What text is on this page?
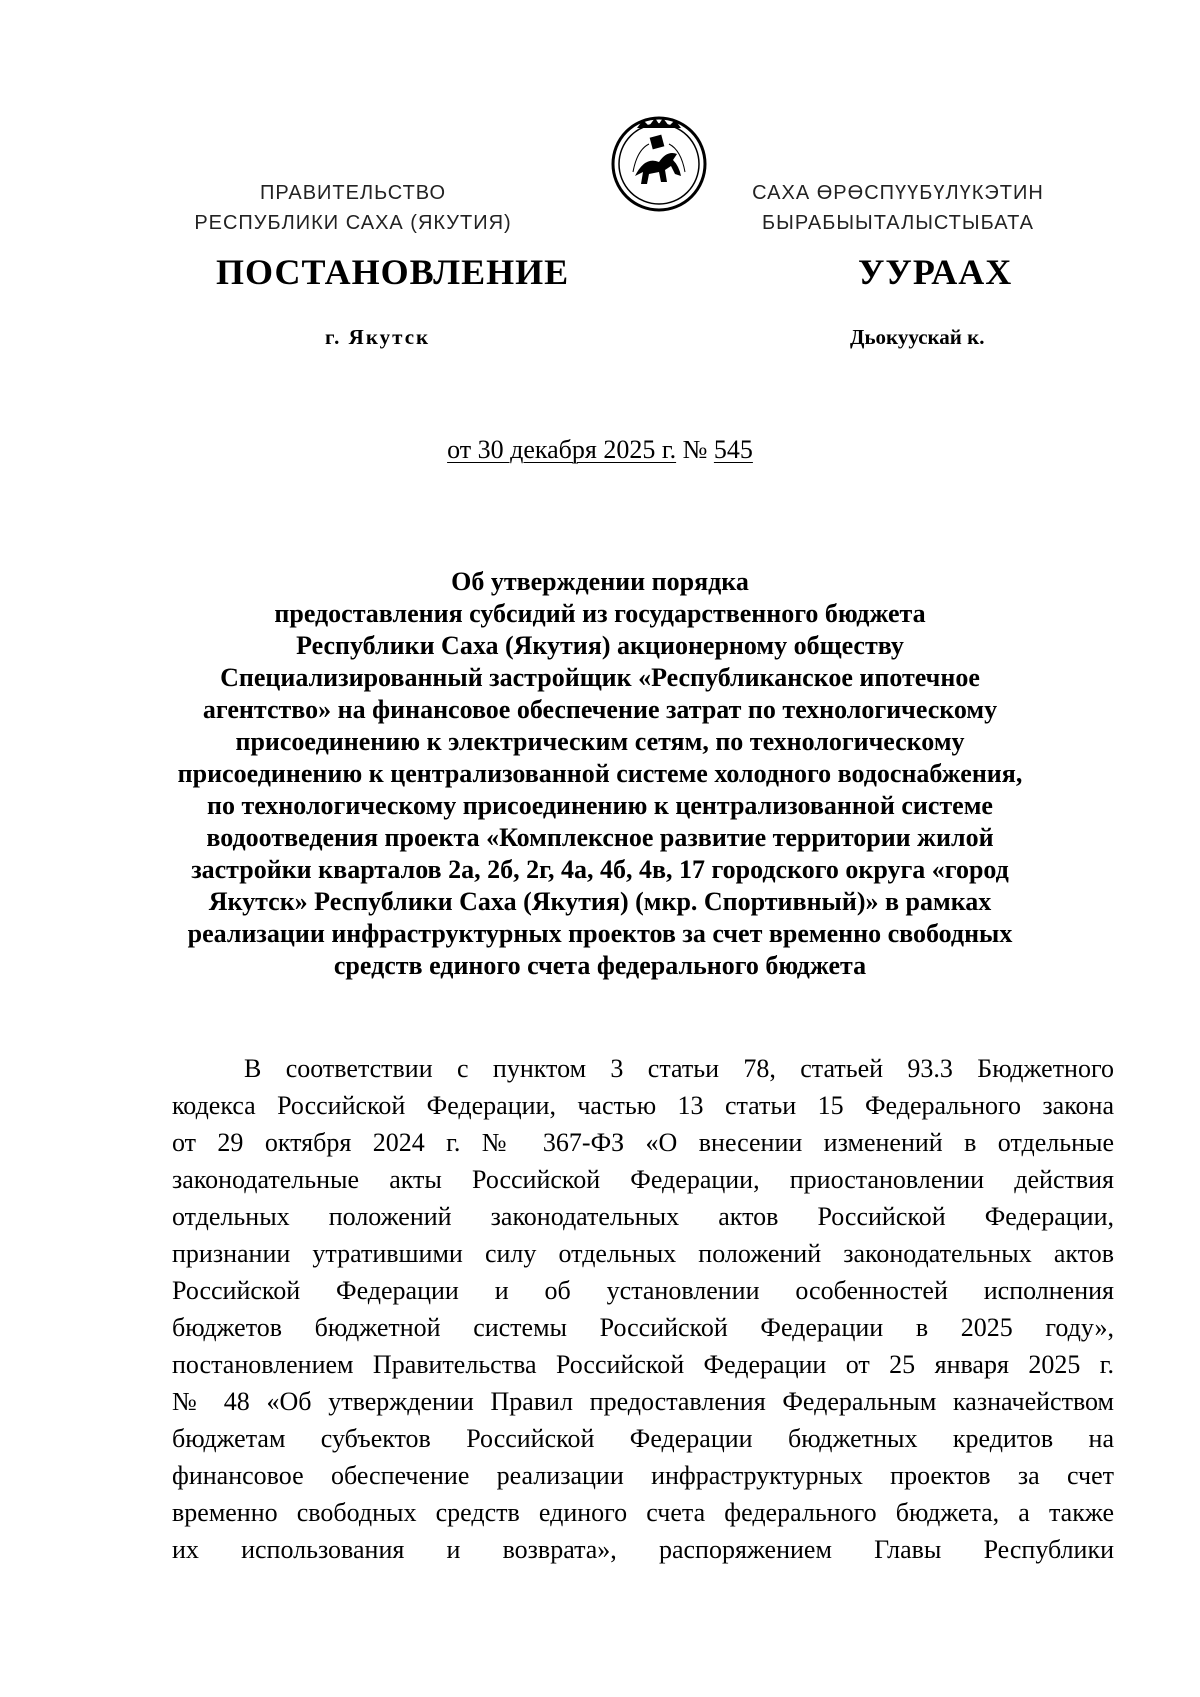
ПРАВИТЕЛЬСТВО
РЕСПУБЛИКИ САХА (ЯКУТИЯ)
САХА ӨРӨСПҮҮБҮЛҮКЭТИН
БЫРАБЫЫТАЛЫСТЫБАТА
ПОСТАНОВЛЕНИЕ	УУРААХ
г. Якутск	Дьокуускай к.
от 30 декабря 2025 г. № 545
Об утверждении порядка
предоставления субсидий из государственного бюджета
Республики Саха (Якутия) акционерному обществу
Специализированный застройщик «Республиканское ипотечное
агентство» на финансовое обеспечение затрат по технологическому
присоединению к электрическим сетям, по технологическому
присоединению к централизованной системе холодного водоснабжения,
по технологическому присоединению к централизованной системе
водоотведения проекта «Комплексное развитие территории жилой
застройки кварталов 2а, 2б, 2г, 4а, 4б, 4в, 17 городского округа «город
Якутск» Республики Саха (Якутия) (мкр. Спортивный)» в рамках
реализации инфраструктурных проектов за счет временно свободных
средств единого счета федерального бюджета
В соответствии с пунктом 3 статьи 78, статьей 93.3 Бюджетного
кодекса Российской Федерации, частью 13 статьи 15 Федерального закона
от 29 октября 2024 г. № 367-ФЗ «О внесении изменений в отдельные
законодательные акты Российской Федерации, приостановлении действия
отдельных положений законодательных актов Российской Федерации,
признании утратившими силу отдельных положений законодательных актов
Российской Федерации и об установлении особенностей исполнения
бюджетов бюджетной системы Российской Федерации в 2025 году»,
постановлением Правительства Российской Федерации от 25 января 2025 г.
№ 48 «Об утверждении Правил предоставления Федеральным казначейством
бюджетам субъектов Российской Федерации бюджетных кредитов на
финансовое обеспечение реализации инфраструктурных проектов за счет
временно свободных средств единого счета федерального бюджета, а также
их использования и возврата», распоряжением Главы Республики
